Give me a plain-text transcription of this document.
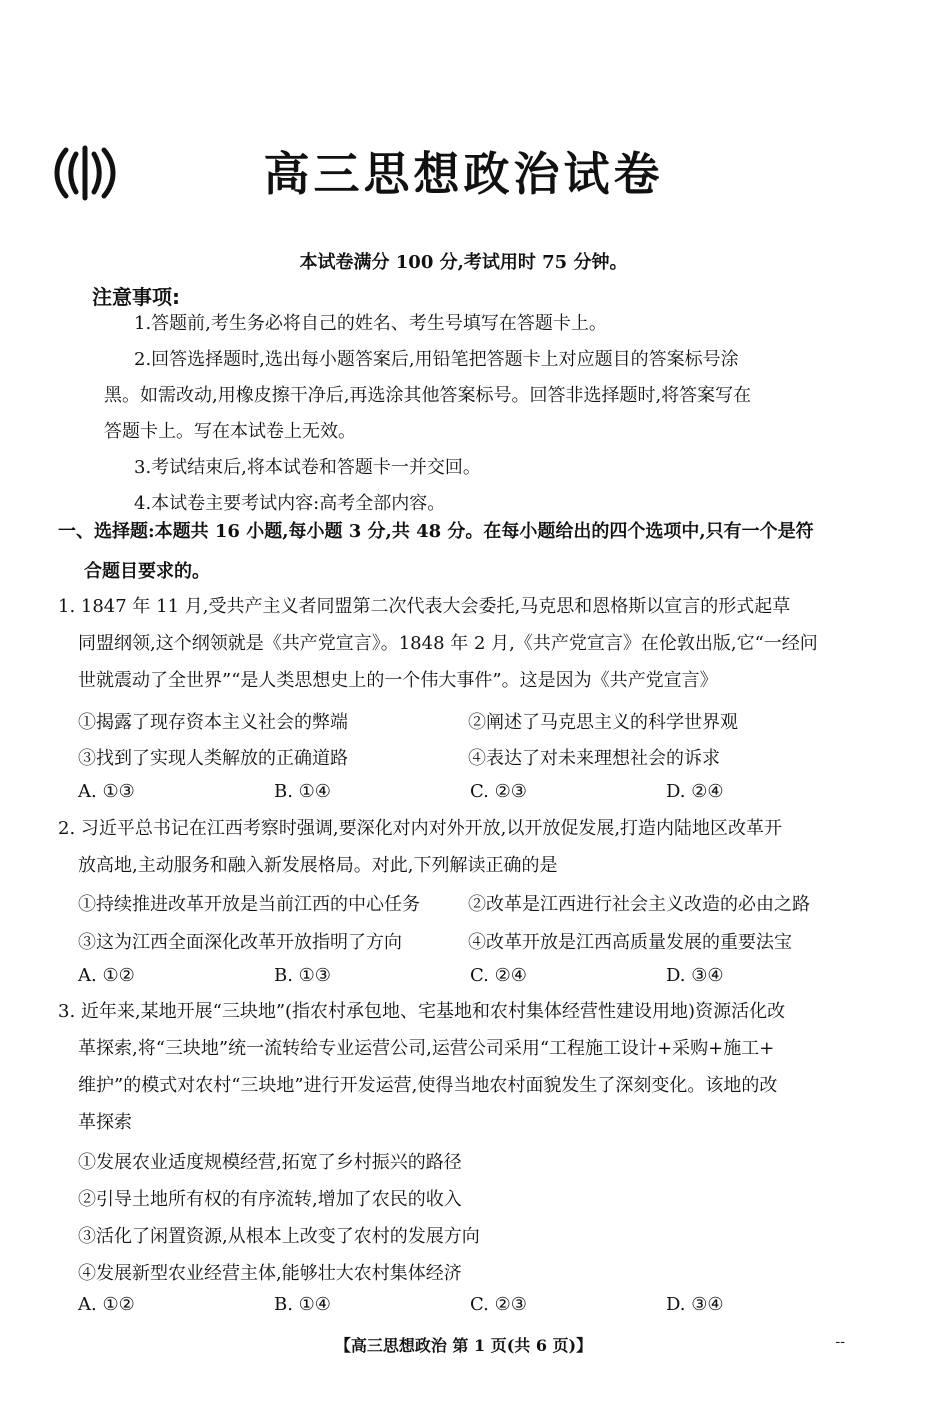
高三思想政治试卷
本试卷满分 100 分,考试用时 75 分钟。
注意事项:
1.答题前,考生务必将自己的姓名、考生号填写在答题卡上。
2.回答选择题时,选出每小题答案后,用铅笔把答题卡上对应题目的答案标号涂
黑。如需改动,用橡皮擦干净后,再选涂其他答案标号。回答非选择题时,将答案写在
答题卡上。写在本试卷上无效。
3.考试结束后,将本试卷和答题卡一并交回。
4.本试卷主要考试内容:高考全部内容。
一、选择题:本题共 16 小题,每小题 3 分,共 48 分。在每小题给出的四个选项中,只有一个是符
合题目要求的。
1. 1847 年 11 月,受共产主义者同盟第二次代表大会委托,马克思和恩格斯以宣言的形式起草
同盟纲领,这个纲领就是《共产党宣言》。1848 年 2 月,《共产党宣言》在伦敦出版,它“一经问
世就震动了全世界”“是人类思想史上的一个伟大事件”。这是因为《共产党宣言》
①揭露了现存资本主义社会的弊端	②阐述了马克思主义的科学世界观
③找到了实现人类解放的正确道路	④表达了对未来理想社会的诉求
A. ①③	B. ①④	C. ②③	D. ②④
2. 习近平总书记在江西考察时强调,要深化对内对外开放,以开放促发展,打造内陆地区改革开
放高地,主动服务和融入新发展格局。对此,下列解读正确的是
①持续推进改革开放是当前江西的中心任务	②改革是江西进行社会主义改造的必由之路
③这为江西全面深化改革开放指明了方向	④改革开放是江西高质量发展的重要法宝
A. ①②	B. ①③	C. ②④	D. ③④
3. 近年来,某地开展“三块地”(指农村承包地、宅基地和农村集体经营性建设用地)资源活化改
革探索,将“三块地”统一流转给专业运营公司,运营公司采用“工程施工设计+采购+施工+
维护”的模式对农村“三块地”进行开发运营,使得当地农村面貌发生了深刻变化。该地的改
革探索
①发展农业适度规模经营,拓宽了乡村振兴的路径
②引导土地所有权的有序流转,增加了农民的收入
③活化了闲置资源,从根本上改变了农村的发展方向
④发展新型农业经营主体,能够壮大农村集体经济
A. ①②	B. ①④	C. ②③	D. ③④
【高三思想政治 第 1 页(共 6 页)】	--
